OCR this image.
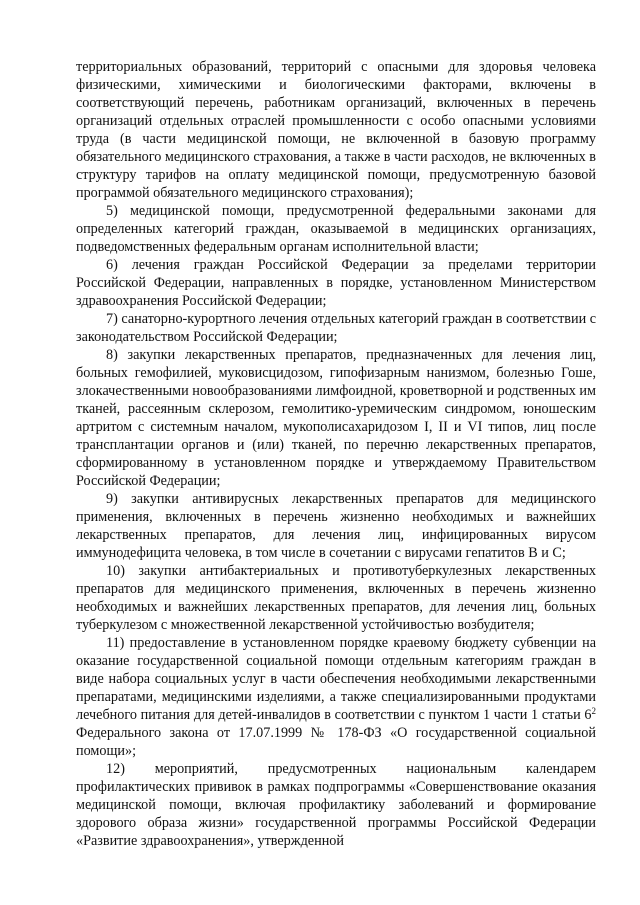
территориальных образований, территорий с опасными для здоровья человека физическими, химическими и биологическими факторами, включены в соответствующий перечень, работникам организаций, включенных в перечень организаций отдельных отраслей промышленности с особо опасными условиями труда (в части медицинской помощи, не включенной в базовую программу обязательного медицинского страхования, а также в части расходов, не включенных в структуру тарифов на оплату медицинской помощи, предусмотренную базовой программой обязательного медицинского страхования);

5) медицинской помощи, предусмотренной федеральными законами для определенных категорий граждан, оказываемой в медицинских организациях, подведомственных федеральным органам исполнительной власти;

6) лечения граждан Российской Федерации за пределами территории Российской Федерации, направленных в порядке, установленном Министерством здравоохранения Российской Федерации;

7) санаторно-курортного лечения отдельных категорий граждан в соответствии с законодательством Российской Федерации;

8) закупки лекарственных препаратов, предназначенных для лечения лиц, больных гемофилией, муковисцидозом, гипофизарным нанизмом, болезнью Гоше, злокачественными новообразованиями лимфоидной, кроветворной и родственных им тканей, рассеянным склерозом, гемолитико-уремическим синдромом, юношеским артритом с системным началом, мукополисахаридозом I, II и VI типов, лиц после трансплантации органов и (или) тканей, по перечню лекарственных препаратов, сформированному в установленном порядке и утверждаемому Правительством Российской Федерации;

9) закупки антивирусных лекарственных препаратов для медицинского применения, включенных в перечень жизненно необходимых и важнейших лекарственных препаратов, для лечения лиц, инфицированных вирусом иммунодефицита человека, в том числе в сочетании с вирусами гепатитов B и C;

10) закупки антибактериальных и противотуберкулезных лекарственных препаратов для медицинского применения, включенных в перечень жизненно необходимых и важнейших лекарственных препаратов, для лечения лиц, больных туберкулезом с множественной лекарственной устойчивостью возбудителя;

11) предоставление в установленном порядке краевому бюджету субвенции на оказание государственной социальной помощи отдельным категориям граждан в виде набора социальных услуг в части обеспечения необходимыми лекарственными препаратами, медицинскими изделиями, а также специализированными продуктами лечебного питания для детей-инвалидов в соответствии с пунктом 1 части 1 статьи $6^2$ Федерального закона от 17.07.1999 № 178-ФЗ «О государственной социальной помощи»;

12) мероприятий, предусмотренных национальным календарем профилактических прививок в рамках подпрограммы «Совершенствование оказания медицинской помощи, включая профилактику заболеваний и формирование здорового образа жизни» государственной программы Российской Федерации «Развитие здравоохранения», утвержденной
